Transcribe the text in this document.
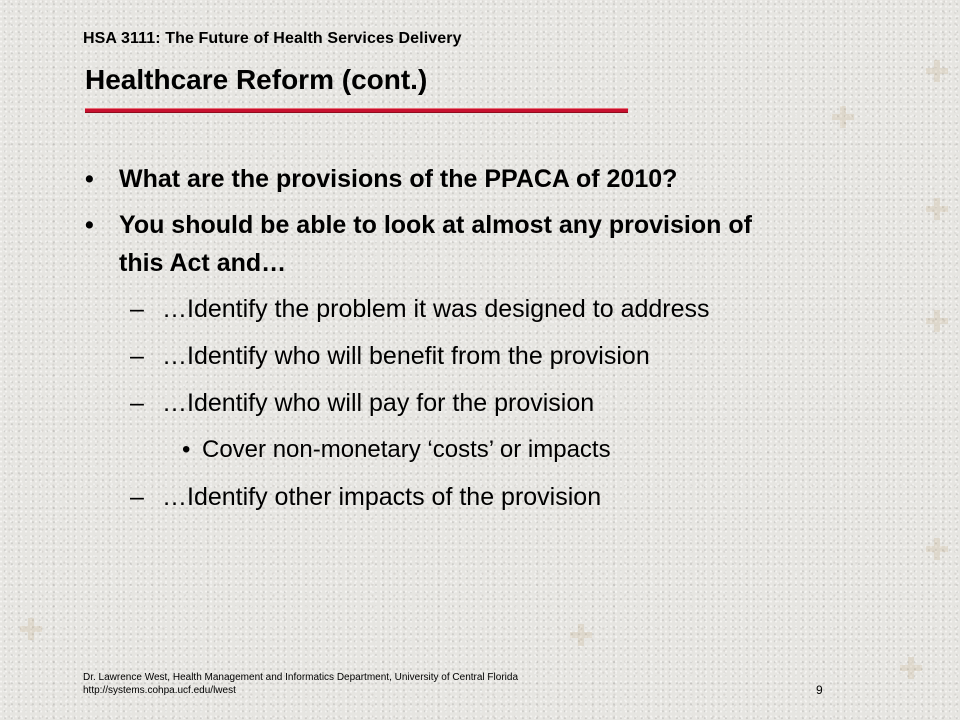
HSA 3111: The Future of Health Services Delivery
Healthcare Reform (cont.)
•	What are the provisions of the PPACA of 2010?
•	You should be able to look at almost any provision of this Act and…
– …Identify the problem it was designed to address
– …Identify who will benefit from the provision
– …Identify who will pay for the provision
• Cover non-monetary ‘costs’ or impacts
– …Identify other impacts of the provision
Dr. Lawrence West, Health Management and Informatics Department, University of Central Florida
http://systems.cohpa.ucf.edu/lwest	9
